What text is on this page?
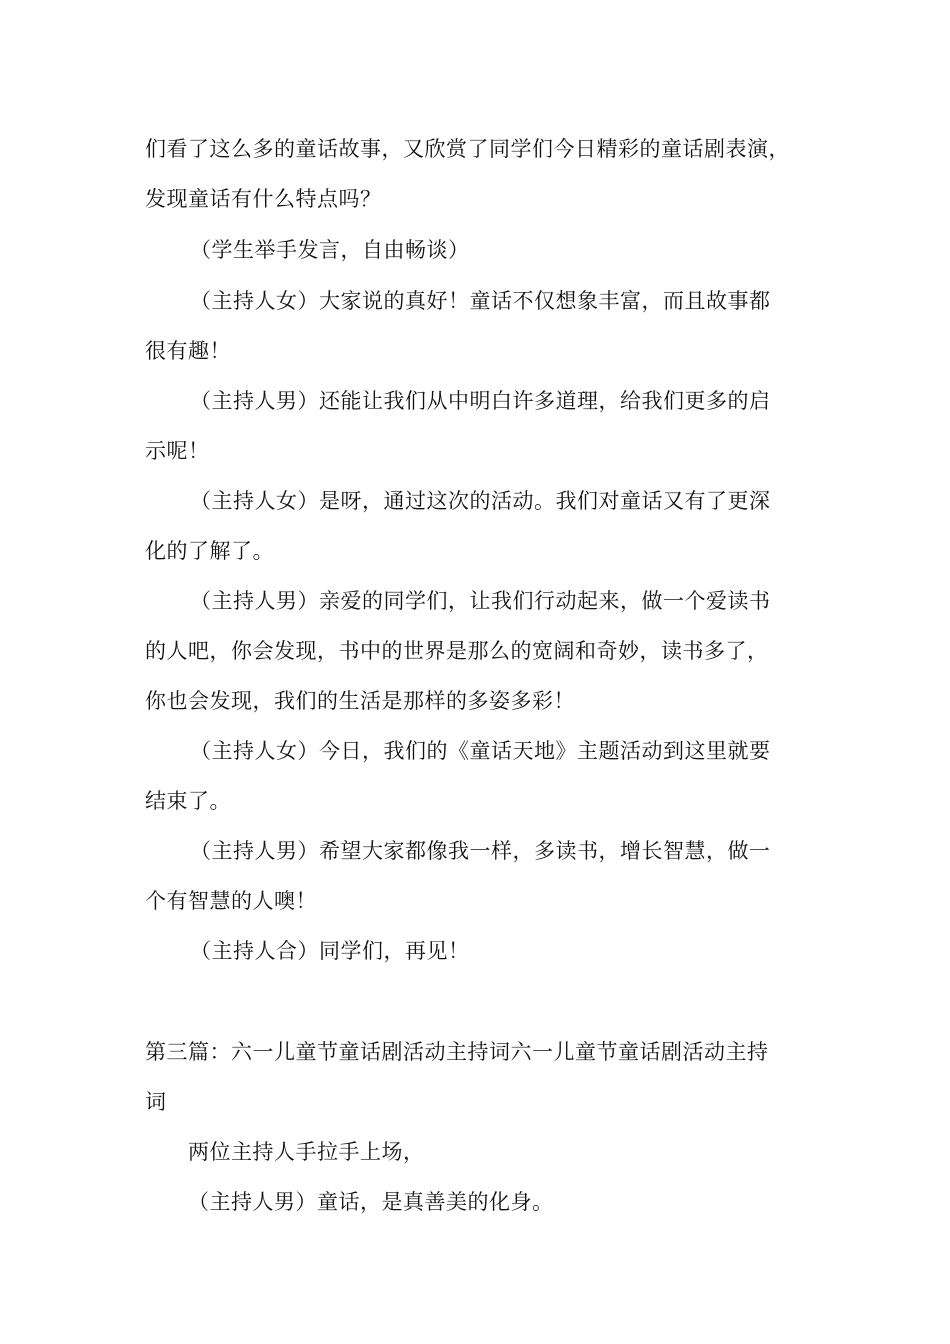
们看了这么多的童话故事，又欣赏了同学们今日精彩的童话剧表演，
发现童话有什么特点吗？
（学生举手发言，自由畅谈）
（主持人女）大家说的真好！童话不仅想象丰富，而且故事都
很有趣！
（主持人男）还能让我们从中明白许多道理，给我们更多的启
示呢！
（主持人女）是呀，通过这次的活动。我们对童话又有了更深
化的了解了。
（主持人男）亲爱的同学们，让我们行动起来，做一个爱读书
的人吧，你会发现，书中的世界是那么的宽阔和奇妙，读书多了，
你也会发现，我们的生活是那样的多姿多彩！
（主持人女）今日，我们的《童话天地》主题活动到这里就要
结束了。
（主持人男）希望大家都像我一样，多读书，增长智慧，做一
个有智慧的人噢！
（主持人合）同学们，再见！
第三篇：六一儿童节童话剧活动主持词六一儿童节童话剧活动主持
词
两位主持人手拉手上场，
（主持人男）童话，是真善美的化身。
